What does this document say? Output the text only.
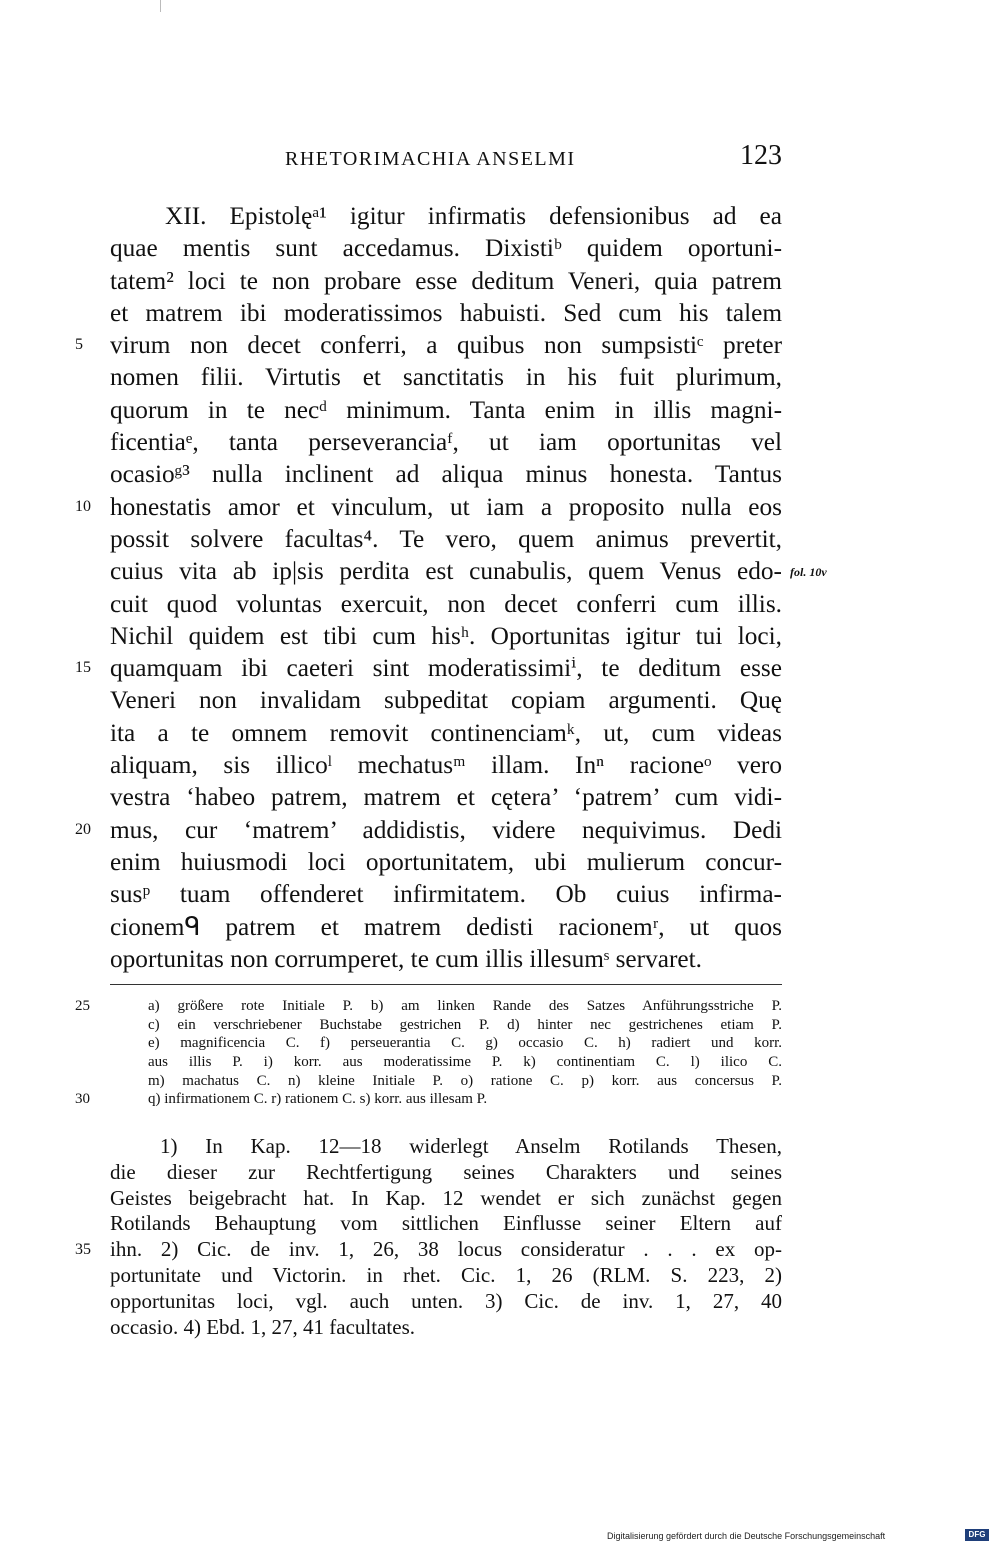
RHETORIMACHIA ANSELMI	123
XII. Epistolęᵃ¹ igitur infirmatis defensionibus ad ea
quae mentis sunt accedamus. Dixistiᵇ quidem oportuni-
tatem² loci te non probare esse deditum Veneri, quia patrem
et matrem ibi moderatissimos habuisti. Sed cum his talem
5 virum non decet conferri, a quibus non sumpsistiᶜ preter
nomen filii. Virtutis et sanctitatis in his fuit plurimum,
quorum in te necᵈ minimum. Tanta enim in illis magni-
ficentiaᵉ, tanta perseveranciaᶠ, ut iam oportunitas vel
ocasioᵍ³ nulla inclinent ad aliqua minus honesta. Tantus
10 honestatis amor et vinculum, ut iam a proposito nulla eos
possit solvere facultas⁴. Te vero, quem animus prevertit,
cuius vita ab ip|sis perdita est cunabulis, quem Venus edo- fol. 10v
cuit quod voluntas exercuit, non decet conferri cum illis.
Nichil quidem est tibi cum hisʰ. Oportunitas igitur tui loci,
15 quamquam ibi caeteri sint moderatissimiⁱ, te deditum esse
Veneri non invalidam subpeditat copiam argumenti. Quę
ita a te omnem removit continenciamᵏ, ut, cum videas
aliquam, sis illicoˡ mechatusᵐ illam. Inⁿ racioneᵒ vero
vestra ‘habeo patrem, matrem et cętera’ ‘patrem’ cum vidi-
20 mus, cur ‘matrem’ addidistis, videre nequivimus. Dedi
enim huiusmodi loci oportunitatem, ubi mulierum concur-
susᵖ tuam offenderet infirmitatem. Ob cuius infirma-
cionemᑫ patrem et matrem dedisti racionemʳ, ut quos
oportunitas non corrumperet, te cum illis illesumˢ servaret.
25	a) größere rote Initiale P. b) am linken Rande des Satzes Anführungsstriche P.
c) ein verschriebener Buchstabe gestrichen P. d) hinter nec gestrichenes etiam P.
e) magnificencia C. f) perseuerantia C. g) occasio C. h) radiert und korr.
aus illis P. i) korr. aus moderatissime P. k) continentiam C. l) ilico C.
m) machatus C. n) kleine Initiale P. o) ratione C. p) korr. aus concersus P.
30	q) infirmationem C. r) rationem C. s) korr. aus illesam P.
1) In Kap. 12—18 widerlegt Anselm Rotilands Thesen,
die dieser zur Rechtfertigung seines Charakters und seines
Geistes beigebracht hat. In Kap. 12 wendet er sich zunächst gegen
Rotilands Behauptung vom sittlichen Einflusse seiner Eltern auf
35 ihn. 2) Cic. de inv. 1, 26, 38 locus consideratur . . . ex op-
portunitate und Victorin. in rhet. Cic. 1, 26 (RLM. S. 223, 2)
opportunitas loci, vgl. auch unten. 3) Cic. de inv. 1, 27, 40
occasio. 4) Ebd. 1, 27, 41 facultates.
Digitalisierung gefördert durch die Deutsche Forschungsgemeinschaft	DFG
